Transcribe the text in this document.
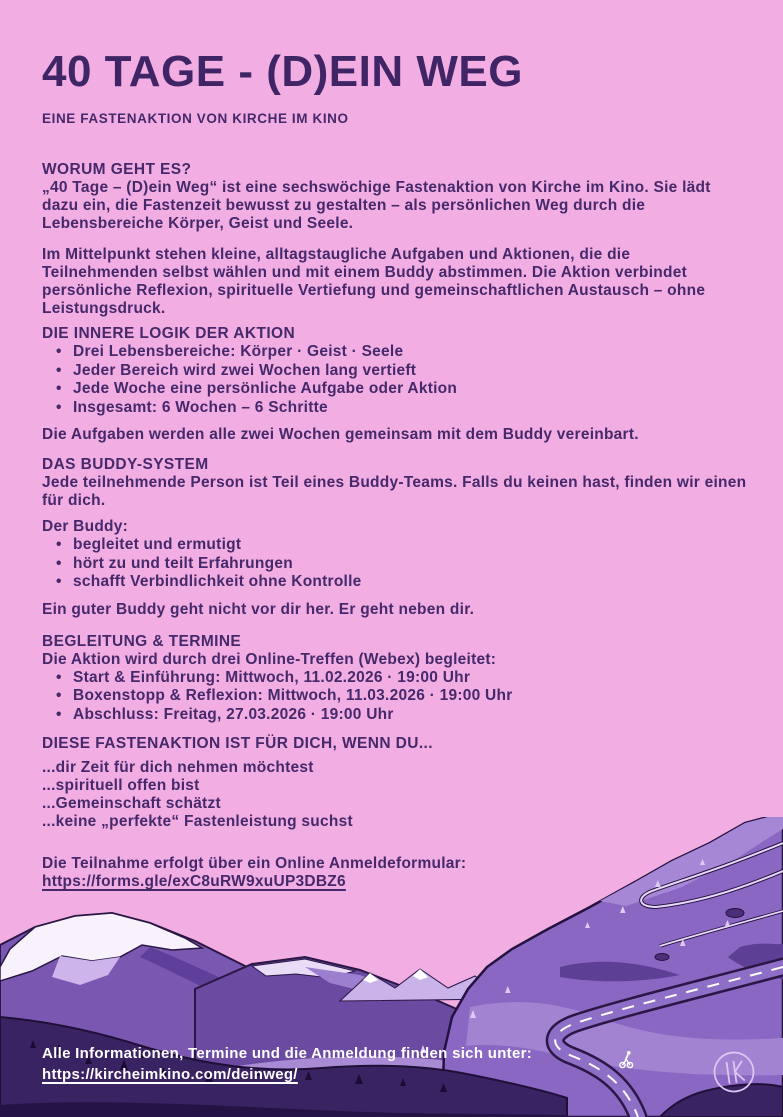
40 TAGE - (D)EIN WEG
EINE FASTENAKTION VON KIRCHE IM KINO
WORUM GEHT ES?

„40 Tage – (D)ein Weg“ ist eine sechswöchige Fastenaktion von Kirche im Kino. Sie lädt dazu ein, die Fastenzeit bewusst zu gestalten – als persönlichen Weg durch die Lebensbereiche Körper, Geist und Seele.

Im Mittelpunkt stehen kleine, alltagstaugliche Aufgaben und Aktionen, die die Teilnehmenden selbst wählen und mit einem Buddy abstimmen. Die Aktion verbindet persönliche Reflexion, spirituelle Vertiefung und gemeinschaftlichen Austausch – ohne Leistungsdruck.

DIE INNERE LOGIK DER AKTION
• Drei Lebensbereiche: Körper · Geist · Seele
• Jeder Bereich wird zwei Wochen lang vertieft
• Jede Woche eine persönliche Aufgabe oder Aktion
• Insgesamt: 6 Wochen – 6 Schritte

Die Aufgaben werden alle zwei Wochen gemeinsam mit dem Buddy vereinbart.

DAS BUDDY-SYSTEM

Jede teilnehmende Person ist Teil eines Buddy-Teams. Falls du keinen hast, finden wir einen für dich.

Der Buddy:

• begleitet und ermutigt
• hört zu und teilt Erfahrungen
• schafft Verbindlichkeit ohne Kontrolle

Ein guter Buddy geht nicht vor dir her. Er geht neben dir.

BEGLEITUNG & TERMINE

Die Aktion wird durch drei Online-Treffen (Webex) begleitet:

• Start & Einführung: Mittwoch, 11.02.2026 · 19:00 Uhr
• Boxenstopp & Reflexion: Mittwoch, 11.03.2026 · 19:00 Uhr
• Abschluss: Freitag, 27.03.2026 · 19:00 Uhr
DIESE FASTENAKTION IST FÜR DICH, WENN DU...

...dir Zeit für dich nehmen möchtest

...spirituell offen bist

...Gemeinschaft schätzt

...keine „perfekte“ Fastenleistung suchst

Die Teilnahme erfolgt über ein Online Anmeldeformular:

https://forms.gle/exC8uRW9xuUP3DBZ6
Alle Informationen, Termine und die Anmeldung finden sich unter:
https://kircheimkino.com/deinweg/
